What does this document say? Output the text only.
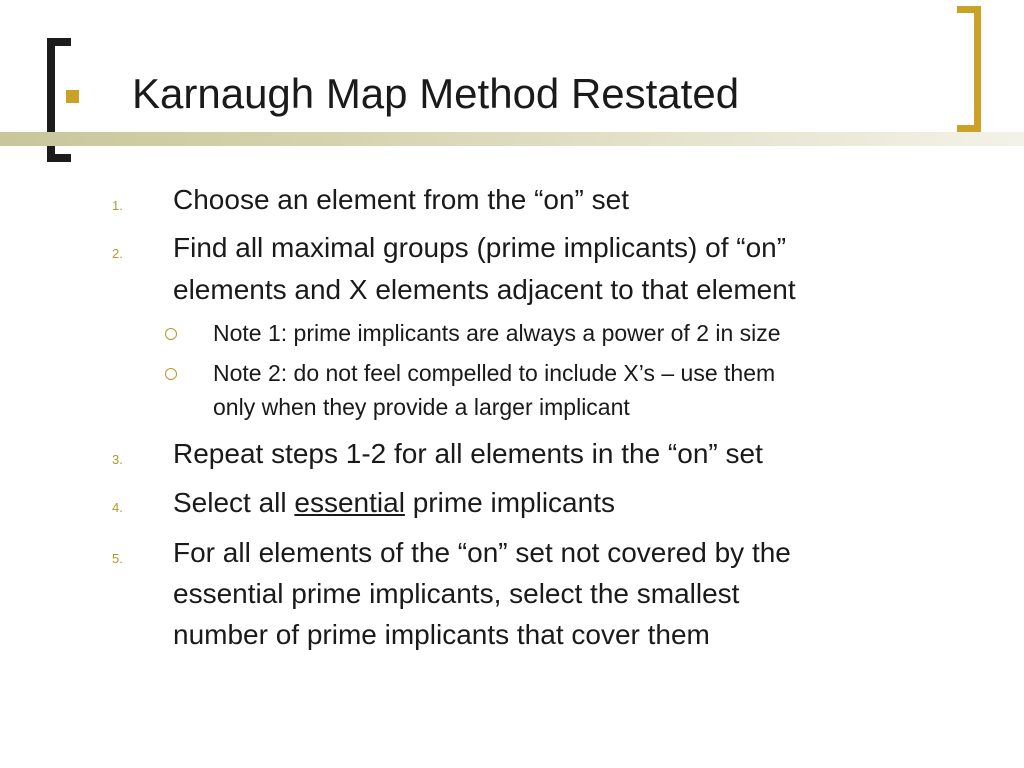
Karnaugh Map Method Restated
1. Choose an element from the “on” set
2. Find all maximal groups (prime implicants) of “on”
elements and X elements adjacent to that element
Note 1: prime implicants are always a power of 2 in size
Note 2: do not feel compelled to include X’s – use them
only when they provide a larger implicant
3. Repeat steps 1-2 for all elements in the “on” set
4. Select all essential prime implicants
5. For all elements of the “on” set not covered by the
essential prime implicants, select the smallest
number of prime implicants that cover them
